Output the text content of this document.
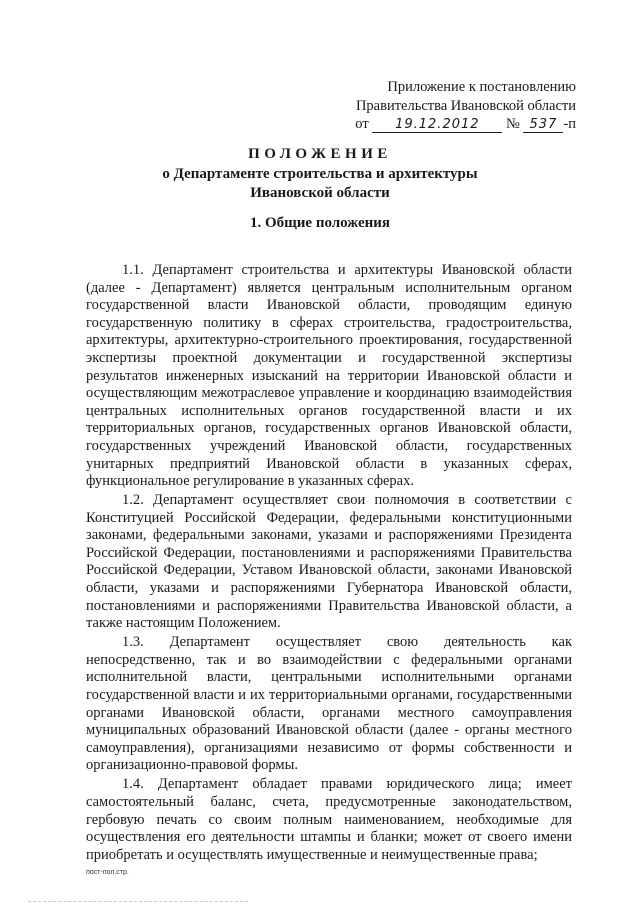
Приложение к постановлению
Правительства Ивановской области
от 19.12.2012 № 537 -п
ПОЛОЖЕНИЕ
о Департаменте строительства и архитектуры
Ивановской области
1. Общие положения

1.1. Департамент строительства и архитектуры Ивановской области (далее - Департамент) является центральным исполнительным органом государственной власти Ивановской области, проводящим единую государственную политику в сферах строительства, градостроительства, архитектуры, архитектурно-строительного проектирования, государственной экспертизы проектной документации и государственной экспертизы результатов инженерных изысканий на территории Ивановской области и осуществляющим межотраслевое управление и координацию взаимодействия центральных исполнительных органов государственной власти и их территориальных органов, государственных органов Ивановской области, государственных учреждений Ивановской области, государственных унитарных предприятий Ивановской области в указанных сферах, функциональное регулирование в указанных сферах.

1.2. Департамент осуществляет свои полномочия в соответствии с Конституцией Российской Федерации, федеральными конституционными законами, федеральными законами, указами и распоряжениями Президента Российской Федерации, постановлениями и распоряжениями Правительства Российской Федерации, Уставом Ивановской области, законами Ивановской области, указами и распоряжениями Губернатора Ивановской области, постановлениями и распоряжениями Правительства Ивановской области, а также настоящим Положением.

1.3. Департамент осуществляет свою деятельность как непосредственно, так и во взаимодействии с федеральными органами исполнительной власти, центральными исполнительными органами государственной власти и их территориальными органами, государственными органами Ивановской области, органами местного самоуправления муниципальных образований Ивановской области (далее - органы местного самоуправления), организациями независимо от формы собственности и организационно-правовой формы.

1.4. Департамент обладает правами юридического лица; имеет самостоятельный баланс, счета, предусмотренные законодательством, гербовую печать со своим полным наименованием, необходимые для осуществления его деятельности штампы и бланки; может от своего имени приобретать и осуществлять имущественные и неимущественные права;

пост-пол.стр.
